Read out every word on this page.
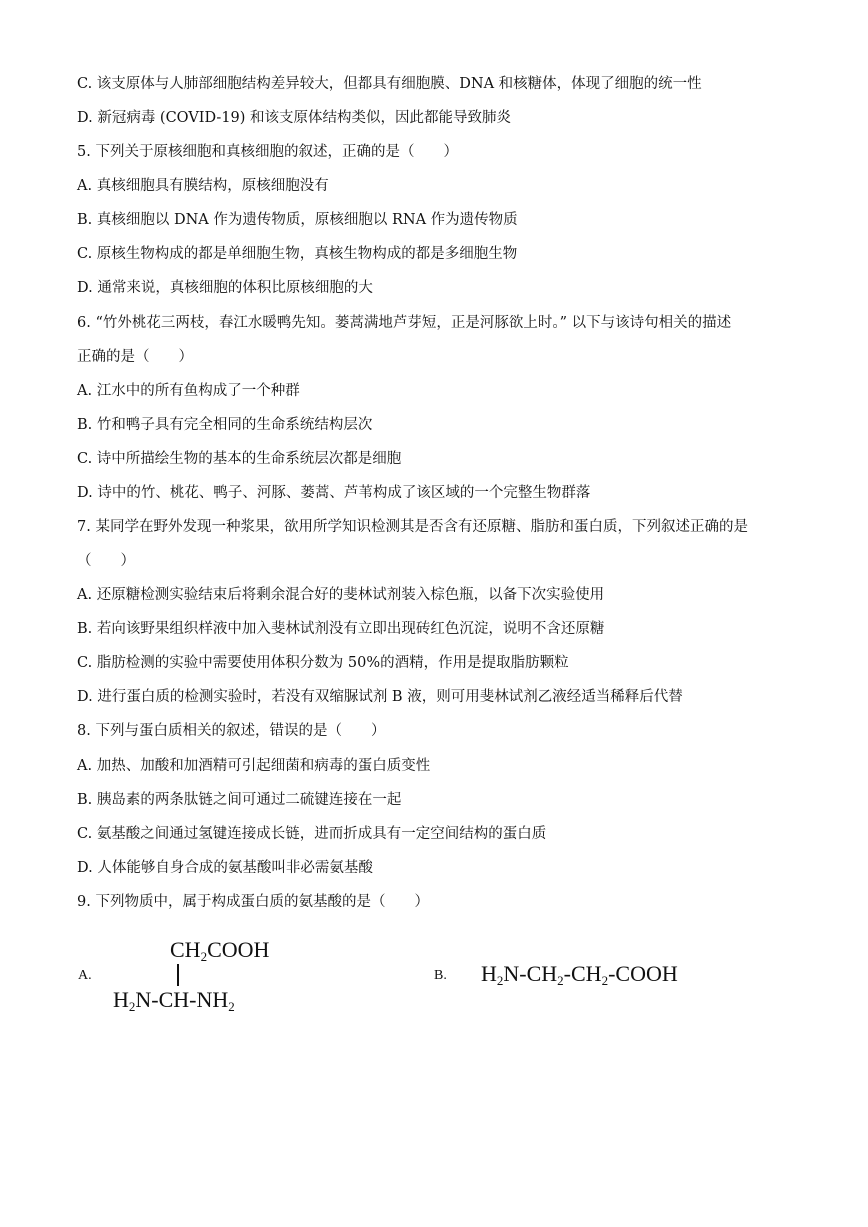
C. 该支原体与人肺部细胞结构差异较大，但都具有细胞膜、DNA 和核糖体，体现了细胞的统一性
D. 新冠病毒 (COVID-19) 和该支原体结构类似，因此都能导致肺炎
5. 下列关于原核细胞和真核细胞的叙述，正确的是（　　）
A. 真核细胞具有膜结构，原核细胞没有
B. 真核细胞以 DNA 作为遗传物质，原核细胞以 RNA 作为遗传物质
C. 原核生物构成的都是单细胞生物，真核生物构成的都是多细胞生物
D. 通常来说，真核细胞的体积比原核细胞的大
6. “竹外桃花三两枝，春江水暖鸭先知。蒌蒿满地芦芽短，正是河豚欲上时。” 以下与该诗句相关的描述
正确的是（　　）
A. 江水中的所有鱼构成了一个种群
B. 竹和鸭子具有完全相同的生命系统结构层次
C. 诗中所描绘生物的基本的生命系统层次都是细胞
D. 诗中的竹、桃花、鸭子、河豚、蒌蒿、芦苇构成了该区域的一个完整生物群落
7. 某同学在野外发现一种浆果，欲用所学知识检测其是否含有还原糖、脂肪和蛋白质，下列叙述正确的是
（　　）
A. 还原糖检测实验结束后将剩余混合好的斐林试剂装入棕色瓶，以备下次实验使用
B. 若向该野果组织样液中加入斐林试剂没有立即出现砖红色沉淀，说明不含还原糖
C. 脂肪检测的实验中需要使用体积分数为 50%的酒精，作用是提取脂肪颗粒
D. 进行蛋白质的检测实验时，若没有双缩脲试剂 B 液，则可用斐林试剂乙液经适当稀释后代替
8. 下列与蛋白质相关的叙述，错误的是（　　）
A. 加热、加酸和加酒精可引起细菌和病毒的蛋白质变性
B. 胰岛素的两条肽链之间可通过二硫键连接在一起
C. 氨基酸之间通过氢键连接成长链，进而折成具有一定空间结构的蛋白质
D. 人体能够自身合成的氨基酸叫非必需氨基酸
9. 下列物质中，属于构成蛋白质的氨基酸的是（　　）
A.
$CH_2COOH$
$H_2N-CH-NH_2$
B. $H_2N-CH_2-CH_2$-COOH
